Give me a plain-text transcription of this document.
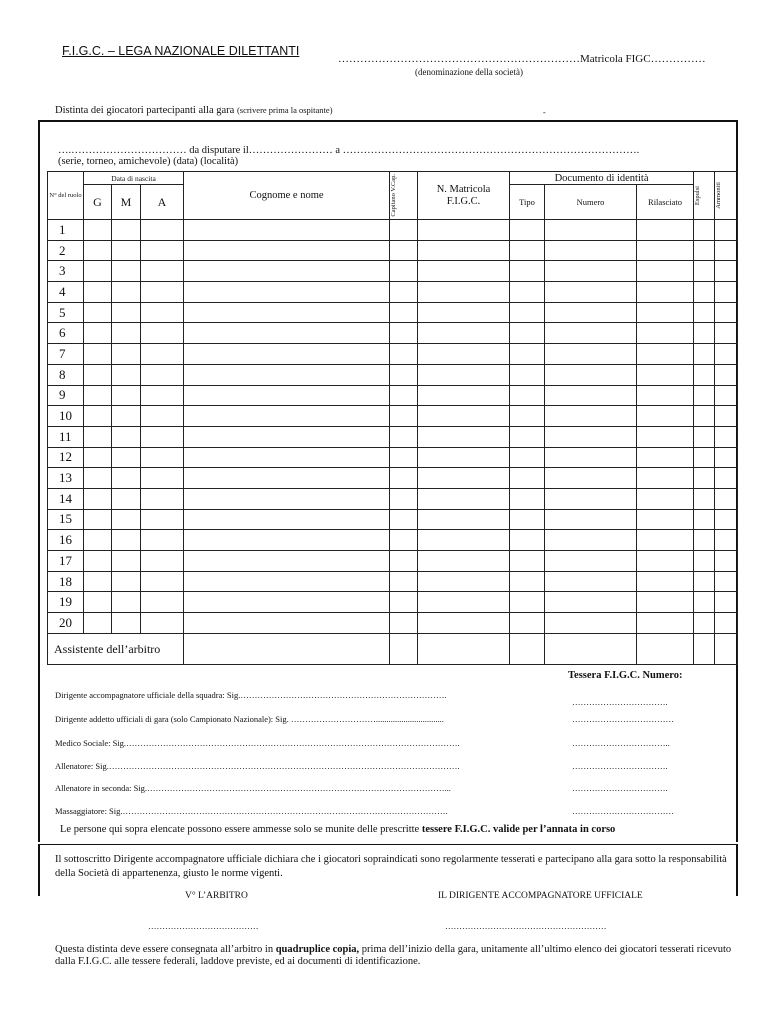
F.I.G.C. – LEGA NAZIONALE DILETTANTI
…………………………………………………………Matricola FIGC……………
(denominazione della società)
Distinta dei giocatori partecipanti alla gara (scrivere prima la ospitante)	-
….…………………………… da disputare il…………………… a ………………………………………………………………………….
(serie, torneo, amichevole) (data) (località)
N° del ruolo	Data di nascita			Cognome e nome	Capitano V.Cap.	N. Matricola F.I.G.C.	Documento di identità			Espulsi	Ammoniti

	G	M	A				Tipo	Numero	Rilasciato		

1											
2											
3											
4											
5											
6											
7											
8											
9											
10											
11											
12											
13											
14											
15											
16											
17											
18											
19											
20											
Assistente dell’arbitro											
Tessera F.I.G.C. Numero:
Dirigente accompagnatore ufficiale della squadra: Sig.……………………………………………………………….
…………………………….
Dirigente addetto ufficiali di gara (solo Campionato Nazionale): Sig. …………………………................................	………………………………
Medico Sociale: Sig.……………………………………………………………………………………………………….	……………………………..
Allenatore: Sig.…………………………………………………………………………………………………………….	…………………………….
Allenatore in seconda: Sig.……………………………………………………………………………………………...	…………………………….
Massaggiatore: Sig.…………………………………………………………………………………………………….	………………………………
Le persone qui sopra elencate possono essere ammesse solo se munite delle prescritte tessere F.I.G.C. valide per l’annata in corso
Il sottoscritto Dirigente accompagnatore ufficiale dichiara che i giocatori sopraindicati sono regolarmente tesserati e partecipano alla gara sotto la responsabilità della Società di appartenenza, giusto le norme vigenti.
V° L’ARBITRO	IL DIRIGENTE ACCOMPAGNATORE UFFICIALE
…………………………………	…………………………………………………
Questa distinta deve essere consegnata all’arbitro in quadruplice copia, prima dell’inizio della gara, unitamente all’ultimo elenco dei giocatori tesserati ricevuto dalla F.I.G.C. alle tessere federali, laddove previste, ed ai documenti di identificazione.
